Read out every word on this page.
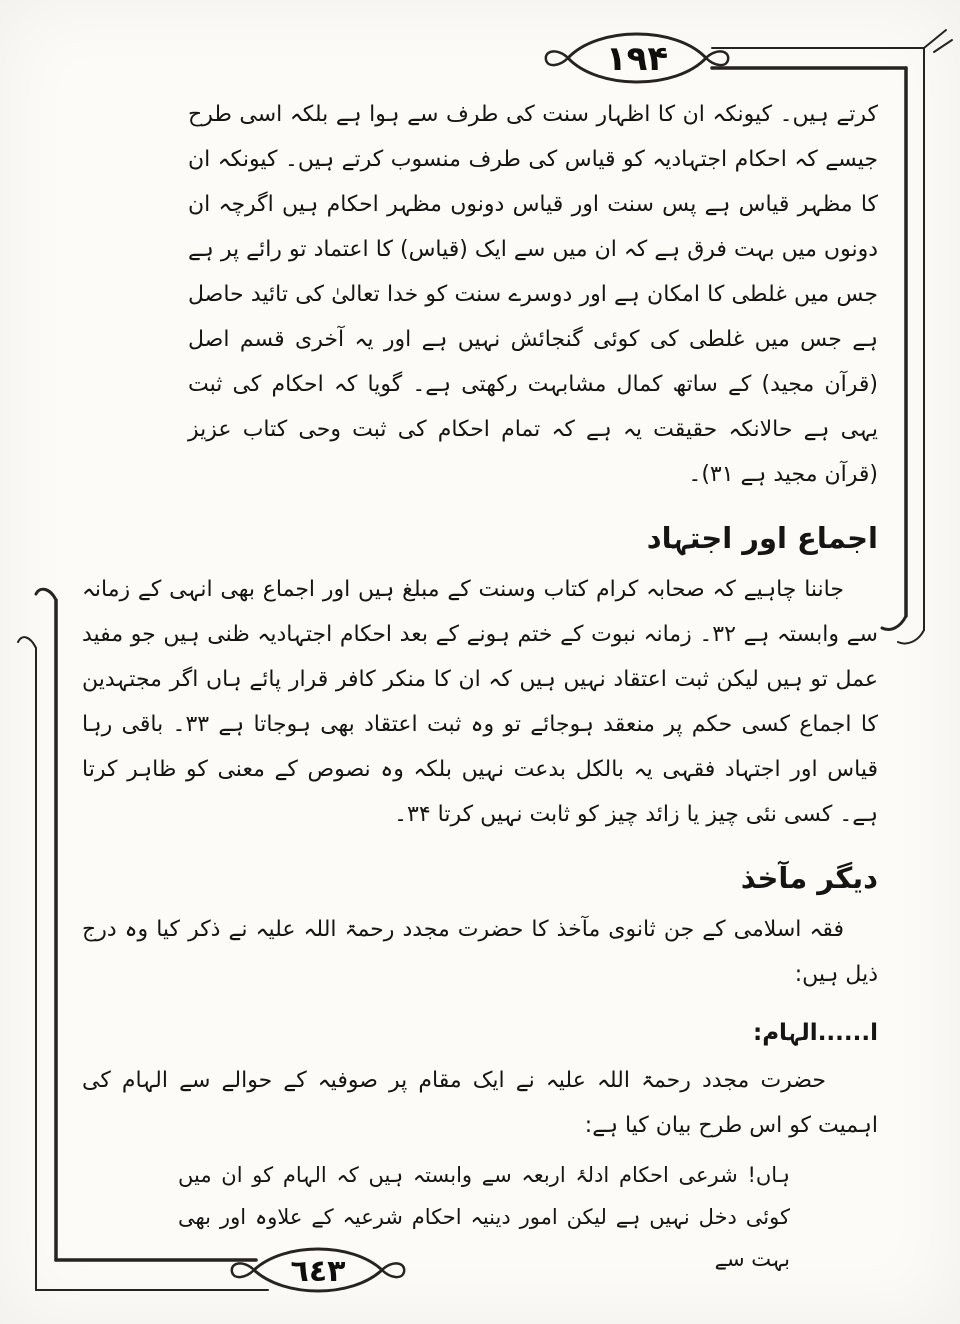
۱۹۴
٦٤٣

کرتے ہیں۔ کیونکہ ان کا اظہار سنت کی طرف سے ہوا ہے بلکہ اسی طرح جیسے کہ احکام اجتہادیہ کو قیاس کی طرف منسوب کرتے ہیں۔ کیونکہ ان کا مظہر قیاس ہے پس سنت اور قیاس دونوں مظہر احکام ہیں اگرچہ ان دونوں میں بہت فرق ہے کہ ان میں سے ایک (قیاس) کا اعتماد تو رائے پر ہے جس میں غلطی کا امکان ہے اور دوسرے سنت کو خدا تعالیٰ کی تائید حاصل ہے جس میں غلطی کی کوئی گنجائش نہیں ہے اور یہ آخری قسم اصل (قرآن مجید) کے ساتھ کمال مشابہت رکھتی ہے۔ گویا کہ احکام کی ثبت یہی ہے حالانکہ حقیقت یہ ہے کہ تمام احکام کی ثبت وحی کتاب عزیز (قرآن مجید ہے ۳۱)۔

اجماع اور اجتہاد

جاننا چاہیے کہ صحابہ کرام کتاب وسنت کے مبلغ ہیں اور اجماع بھی انہی کے زمانہ سے وابستہ ہے ۳۲۔ زمانہ نبوت کے ختم ہونے کے بعد احکام اجتہادیہ ظنی ہیں جو مفید عمل تو ہیں لیکن ثبت اعتقاد نہیں ہیں کہ ان کا منکر کافر قرار پائے ہاں اگر مجتہدین کا اجماع کسی حکم پر منعقد ہوجائے تو وہ ثبت اعتقاد بھی ہوجاتا ہے ۳۳۔ باقی رہا قیاس اور اجتہاد فقہی یہ بالکل بدعت نہیں بلکہ وہ نصوص کے معنی کو ظاہر کرتا ہے۔ کسی نئی چیز یا زائد چیز کو ثابت نہیں کرتا ۳۴۔

دیگر مآخذ

فقہ اسلامی کے جن ثانوی مآخذ کا حضرت مجدد رحمۃ اللہ علیہ نے ذکر کیا وہ درج ذیل ہیں:

ا......الہام:

حضرت مجدد رحمۃ اللہ علیہ نے ایک مقام پر صوفیہ کے حوالے سے الہام کی اہمیت کو اس طرح بیان کیا ہے:

ہاں! شرعی احکام ادلۂ اربعہ سے وابستہ ہیں کہ الہام کو ان میں کوئی دخل نہیں ہے لیکن امور دینیہ احکام شرعیہ کے علاوہ اور بھی بہت سے
